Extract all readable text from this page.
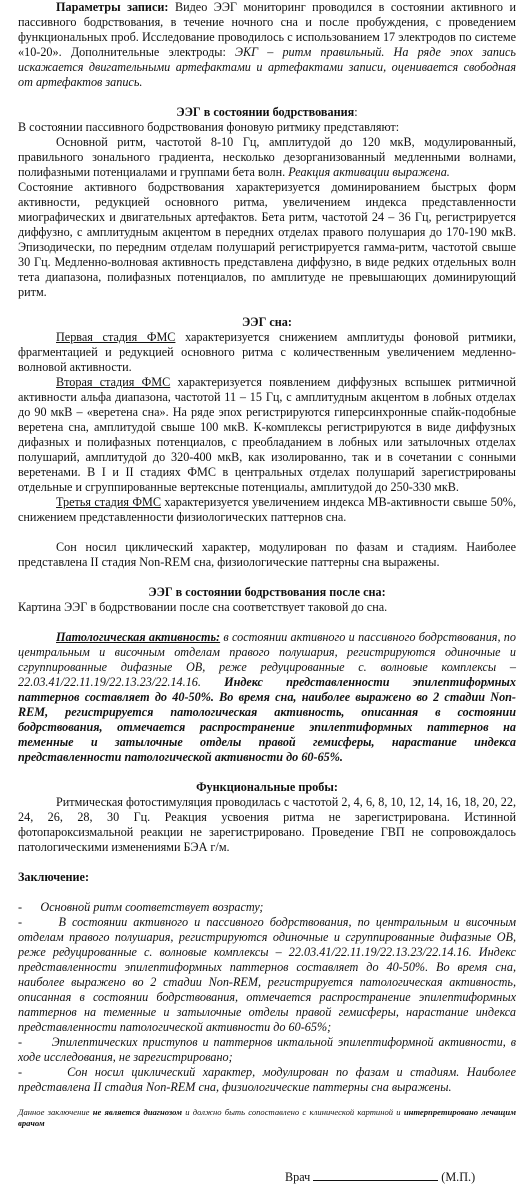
Параметры записи: Видео ЭЭГ мониторинг проводился в состоянии активного и пассивного бодрствования, в течение ночного сна и после пробуждения, с проведением функциональных проб. Исследование проводилось с использованием 17 электродов по системе «10-20». Дополнительные электроды: ЭКГ – ритм правильный. На ряде эпох запись искажается двигательными артефактами и артефактами записи, оценивается свободная от артефактов запись.

ЭЭГ в состоянии бодрствования:

В состоянии пассивного бодрствования фоновую ритмику представляют:

Основной ритм, частотой 8-10 Гц, амплитудой до 120 мкВ, модулированный, правильного зонального градиента, несколько дезорганизованный медленными волнами, полифазными потенциалами и группами бета волн. Реакция активации выражена.

Состояние активного бодрствования характеризуется доминированием быстрых форм активности, редукцией основного ритма, увеличением индекса представленности миографических и двигательных артефактов. Бета ритм, частотой 24 – 36 Гц, регистрируется диффузно, с амплитудным акцентом в передних отделах правого полушария до 170-190 мкВ. Эпизодически, по передним отделам полушарий регистрируется гамма-ритм, частотой свыше 30 Гц. Медленно-волновая активность представлена диффузно, в виде редких отдельных волн тета диапазона, полифазных потенциалов, по амплитуде не превышающих доминирующий ритм.

ЭЭГ сна:

Первая стадия ФМС характеризуется снижением амплитуды фоновой ритмики, фрагментацией и редукцией основного ритма с количественным увеличением медленно-волновой активности.

Вторая стадия ФМС характеризуется появлением диффузных вспышек ритмичной активности альфа диапазона, частотой 11 – 15 Гц, с амплитудным акцентом в лобных отделах до 90 мкВ – «веретена сна». На ряде эпох регистрируются гиперсинхронные спайк-подобные веретена сна, амплитудой свыше 100 мкВ. К-комплексы регистрируются в виде диффузных дифазных и полифазных потенциалов, с преобладанием в лобных или затылочных отделах полушарий, амплитудой до 320-400 мкВ, как изолированно, так и в сочетании с сонными веретенами. В I и II стадиях ФМС в центральных отделах полушарий зарегистрированы отдельные и сгруппированные вертексные потенциалы, амплитудой до 250-330 мкВ.

Третья стадия ФМС характеризуется увеличением индекса МВ-активности свыше 50%, снижением представленности физиологических паттернов сна.

Сон носил циклический характер, модулирован по фазам и стадиям. Наиболее представлена II стадия Non-REM сна, физиологические паттерны сна выражены.

ЭЭГ в состоянии бодрствования после сна:

Картина ЭЭГ в бодрствовании после сна соответствует таковой до сна.

Патологическая активность: в состоянии активного и пассивного бодрствования, по центральным и височным отделам правого полушария, регистрируются одиночные и сгруппированные дифазные ОВ, реже редуцированные с. волновые комплексы – 22.03.41/22.11.19/22.13.23/22.14.16. Индекс представленности эпилептиформных паттернов составляет до 40-50%. Во время сна, наиболее выражено во 2 стадии Non-REM, регистрируется патологическая активность, описанная в состоянии бодрствования, отмечается распространение эпилептиформных паттернов на теменные и затылочные отделы правой гемисферы, нарастание индекса представленности патологической активности до 60-65%.

Функциональные пробы:

Ритмическая фотостимуляция проводилась с частотой 2, 4, 6, 8, 10, 12, 14, 16, 18, 20, 22, 24, 26, 28, 30 Гц. Реакция усвоения ритма не зарегистрирована. Истинной фотопароксизмальной реакции не зарегистрировано. Проведение ГВП не сопровождалось патологическими изменениями БЭА г/м.

Заключение:

-      Основной ритм соответствует возрасту;

-      В состоянии активного и пассивного бодрствования, по центральным и височным отделам правого полушария, регистрируются одиночные и сгруппированные дифазные ОВ, реже редуцированные с. волновые комплексы – 22.03.41/22.11.19/22.13.23/22.14.16. Индекс представленности эпилептиформных паттернов составляет до 40-50%. Во время сна, наиболее выражено во 2 стадии Non-REM, регистрируется патологическая активность, описанная в состоянии бодрствования, отмечается распространение эпилептиформных паттернов на теменные и затылочные отделы правой гемисферы, нарастание индекса представленности патологической активности до 60-65%;

-      Эпилептических приступов и паттернов иктальной эпилептиформной активности, в ходе исследования, не зарегистрировано;

-      Сон носил циклический характер, модулирован по фазам и стадиям. Наиболее представлена II стадия Non-REM сна, физиологические паттерны сна выражены.

Данное заключение не является диагнозом и должно быть сопоставлено с клинической картиной и интерпретировано лечащим врачом

Врач	(М.П.)
